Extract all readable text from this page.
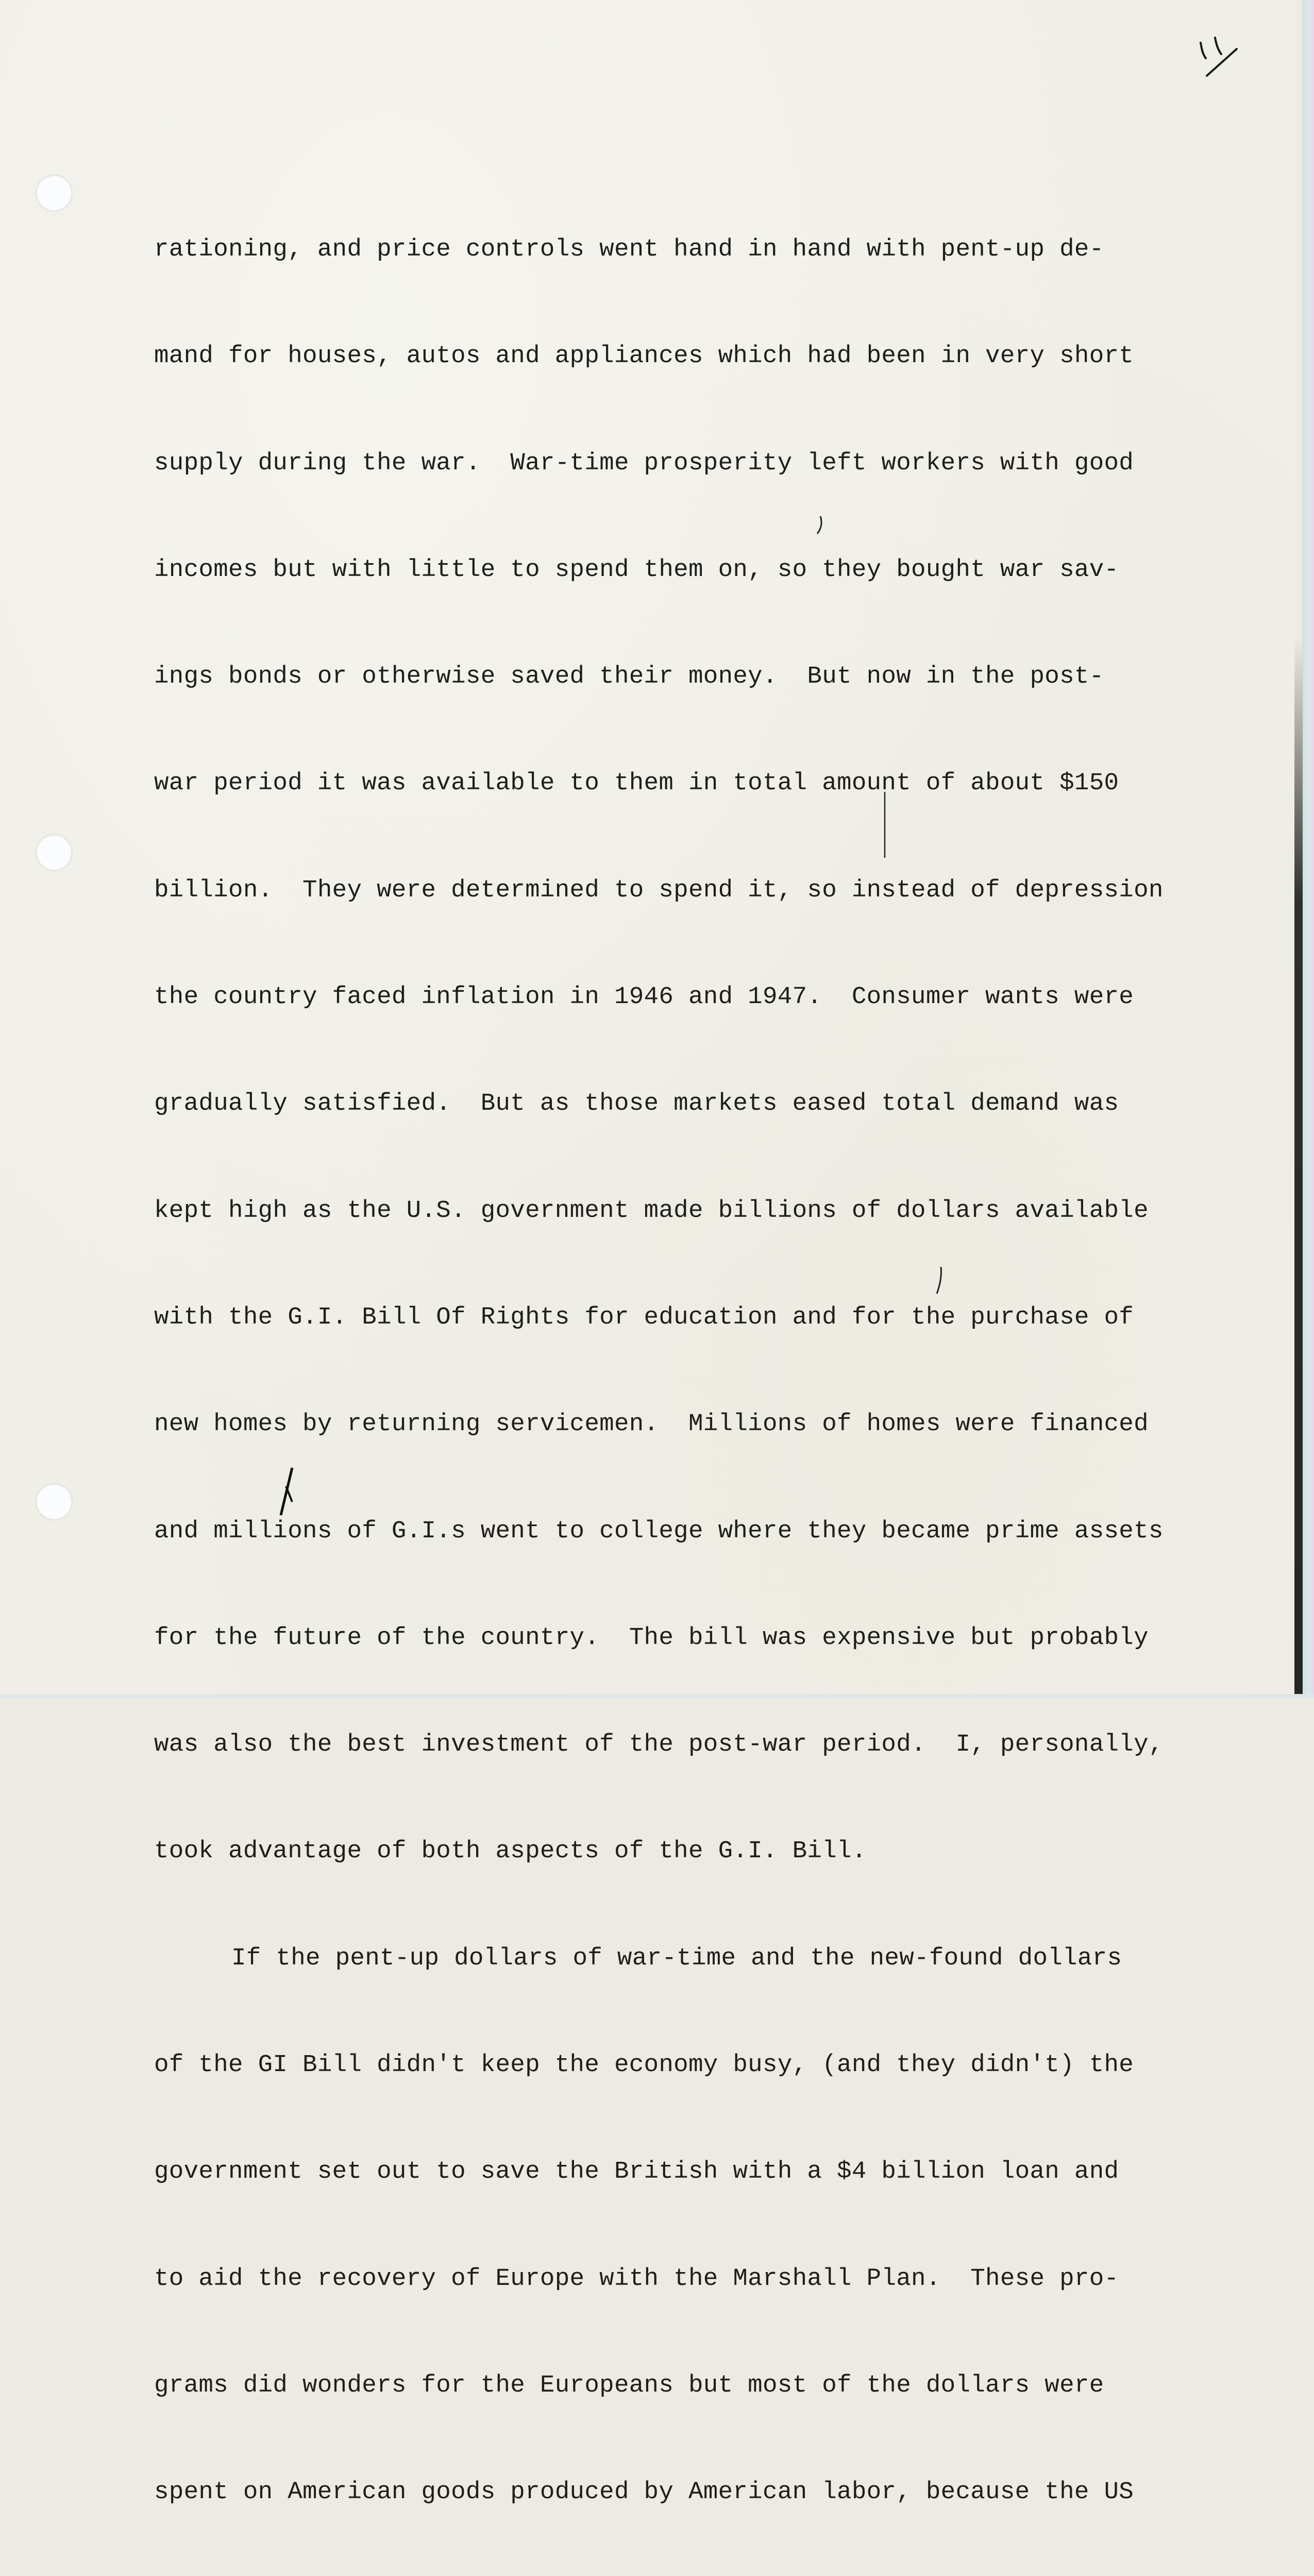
rationing, and price controls went hand in hand with pent-up de-

mand for houses, autos and appliances which had been in very short

supply during the war.  War-time prosperity left workers with good

incomes but with little to spend them on, so they bought war sav-

ings bonds or otherwise saved their money.  But now in the post-

war period it was available to them in total amount of about $150

billion.  They were determined to spend it, so instead of depression

the country faced inflation in 1946 and 1947.  Consumer wants were

gradually satisfied.  But as those markets eased total demand was

kept high as the U.S. government made billions of dollars available

with the G.I. Bill Of Rights for education and for the purchase of

new homes by returning servicemen.  Millions of homes were financed

and millions of G.I.s went to college where they became prime assets

for the future of the country.  The bill was expensive but probably

was also the best investment of the post-war period.  I, personally,

took advantage of both aspects of the G.I. Bill.

If the pent-up dollars of war-time and the new-found dollars

of the GI Bill didn't keep the economy busy, (and they didn't) the

government set out to save the British with a $4 billion loan and

to aid the recovery of Europe with the Marshall Plan.  These pro-

grams did wonders for the Europeans but most of the dollars were

spent on American goods produced by American labor, because the US
